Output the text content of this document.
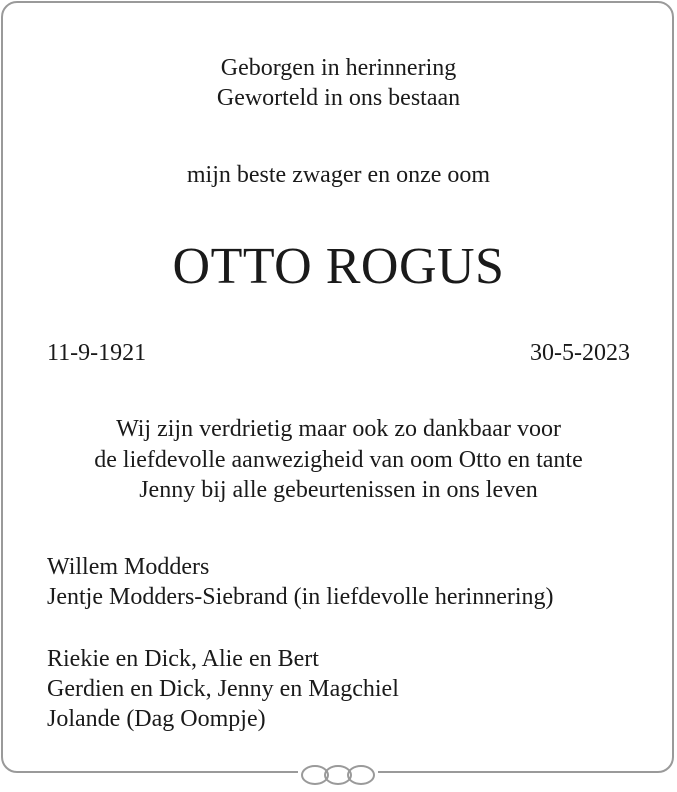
Geborgen in herinnering
Geworteld in ons bestaan
mijn beste zwager en onze oom
OTTO ROGUS
11-9-1921	30-5-2023
Wij zijn verdrietig maar ook zo dankbaar voor
de liefdevolle aanwezigheid van oom Otto en tante
Jenny bij alle gebeurtenissen in ons leven
Willem Modders
Jentje Modders-Siebrand (in liefdevolle herinnering)
Riekie en Dick, Alie en Bert
Gerdien en Dick, Jenny en Magchiel
Jolande (Dag Oompje)
